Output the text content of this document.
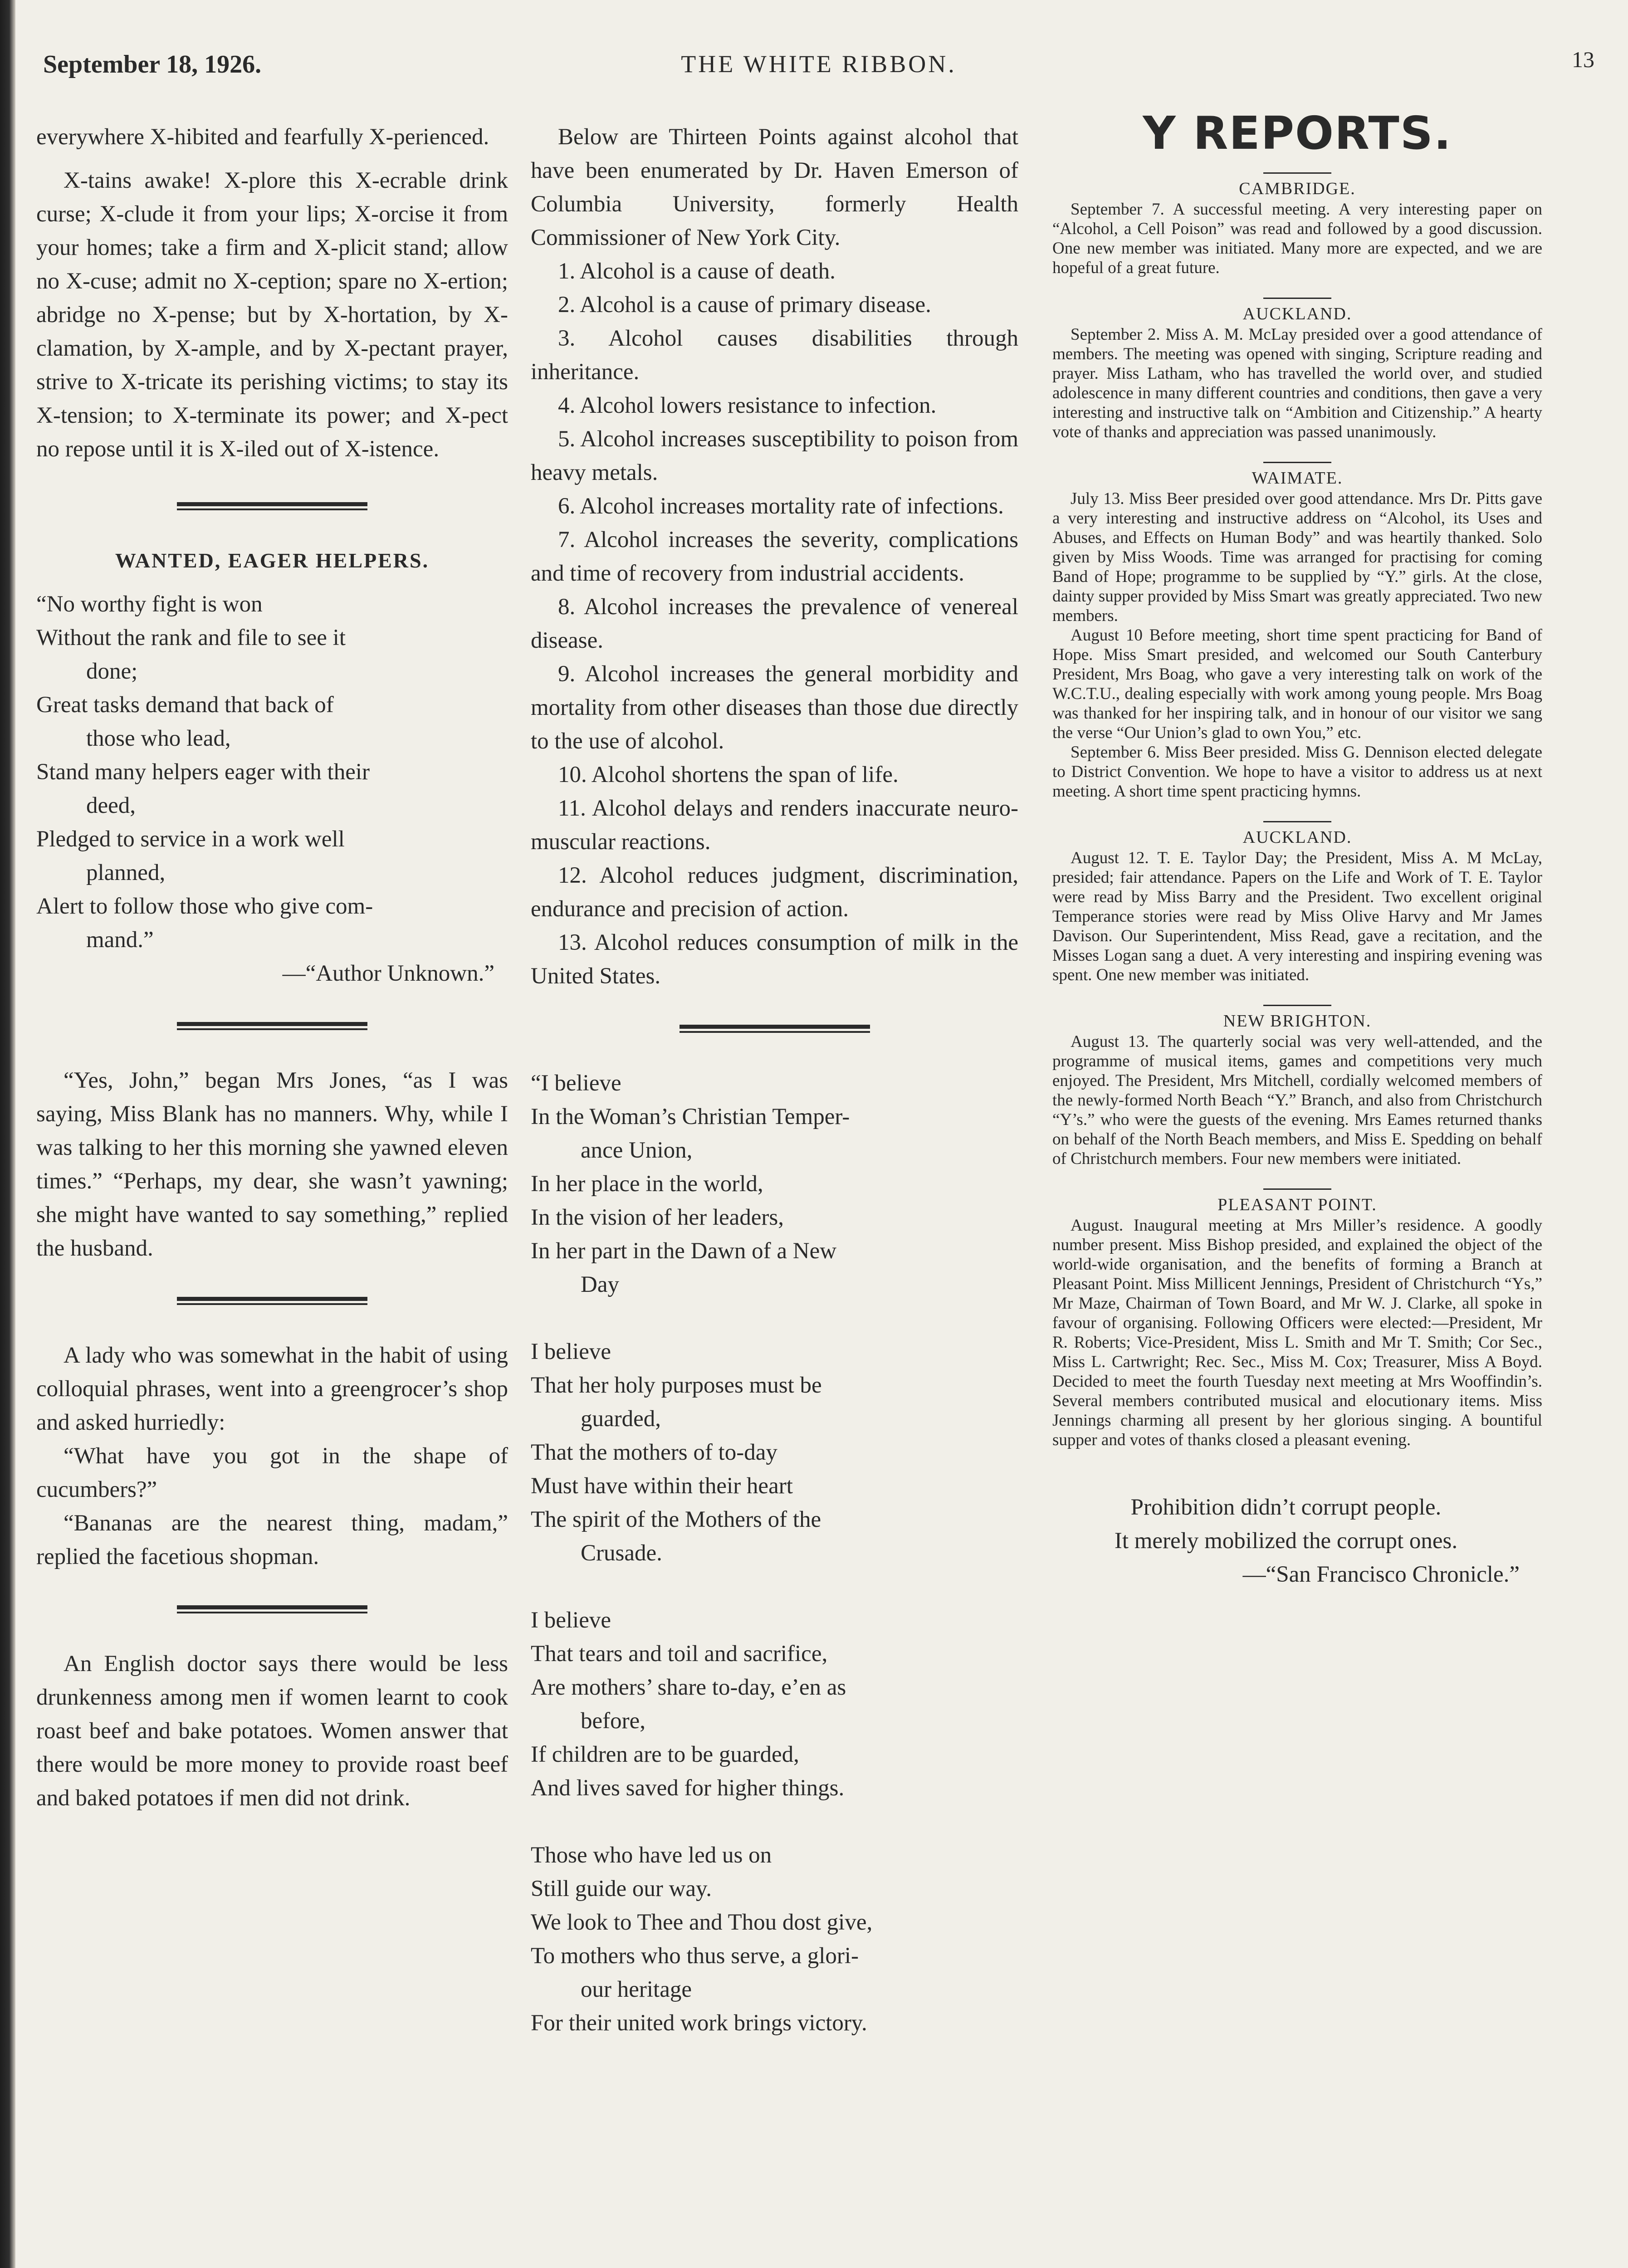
September 18, 1926.	THE WHITE RIBBON.	13

everywhere X-hibited and fearfully X-perienced.

X-tains awake! X-plore this X-ecrable drink curse; X-clude it from your lips; X-orcise it from your homes; take a firm and X-plicit stand; allow no X-cuse; admit no X-ception; spare no X-ertion; abridge no X-pense; but by X-hortation, by X-clamation, by X-ample, and by X-pectant prayer, strive to X-tricate its perishing victims; to stay its X-tension; to X-terminate its power; and X-pect no repose until it is X-iled out of X-istence.

WANTED, EAGER HELPERS.
“No worthy fight is won
Without the rank and file to see it
done;
Great tasks demand that back of
those who lead,
Stand many helpers eager with their
deed,
Pledged to service in a work well
planned,
Alert to follow those who give com-
mand.”
—“Author Unknown.”

“Yes, John,” began Mrs Jones, “as I was saying, Miss Blank has no manners. Why, while I was talking to her this morning she yawned eleven times.” “Perhaps, my dear, she wasn’t yawning; she might have wanted to say something,” replied the husband.

A lady who was somewhat in the habit of using colloquial phrases, went into a greengrocer’s shop and asked hurriedly:

“What have you got in the shape of cucumbers?”

“Bananas are the nearest thing, madam,” replied the facetious shopman.

An English doctor says there would be less drunkenness among men if women learnt to cook roast beef and bake potatoes. Women answer that there would be more money to provide roast beef and baked potatoes if men did not drink.

Below are Thirteen Points against alcohol that have been enumerated by Dr. Haven Emerson of Columbia University, formerly Health Commissioner of New York City.

1. Alcohol is a cause of death.
2. Alcohol is a cause of primary disease.
3. Alcohol causes disabilities through inheritance.
4. Alcohol lowers resistance to infection.
5. Alcohol increases susceptibility to poison from heavy metals.
6. Alcohol increases mortality rate of infections.
7. Alcohol increases the severity, complications and time of recovery from industrial accidents.
8. Alcohol increases the prevalence of venereal disease.
9. Alcohol increases the general morbidity and mortality from other diseases than those due directly to the use of alcohol.
10. Alcohol shortens the span of life.
11. Alcohol delays and renders inaccurate neuro-muscular reactions.
12. Alcohol reduces judgment, discrimination, endurance and precision of action.
13. Alcohol reduces consumption of milk in the United States.
“I believe
In the Woman’s Christian Temper-
ance Union,
In her place in the world,
In the vision of her leaders,
In her part in the Dawn of a New
Day
I believe
That her holy purposes must be
guarded,
That the mothers of to-day
Must have within their heart
The spirit of the Mothers of the
Crusade.
I believe
That tears and toil and sacrifice,
Are mothers’ share to-day, e’en as
before,
If children are to be guarded,
And lives saved for higher things.
Those who have led us on
Still guide our way.
We look to Thee and Thou dost give,
To mothers who thus serve, a glori-
our heritage
For their united work brings victory.
Y REPORTS.
CAMBRIDGE.

September 7. A successful meeting. A very interesting paper on “Alcohol, a Cell Poison” was read and followed by a good discussion. One new member was initiated. Many more are expected, and we are hopeful of a great future.

AUCKLAND.

September 2. Miss A. M. McLay presided over a good attendance of members. The meeting was opened with singing, Scripture reading and prayer. Miss Latham, who has travelled the world over, and studied adolescence in many different countries and conditions, then gave a very interesting and instructive talk on “Ambition and Citizenship.” A hearty vote of thanks and appreciation was passed unanimously.

WAIMATE.

July 13. Miss Beer presided over good attendance. Mrs Dr. Pitts gave a very interesting and instructive address on “Alcohol, its Uses and Abuses, and Effects on Human Body” and was heartily thanked. Solo given by Miss Woods. Time was arranged for practising for coming Band of Hope; programme to be supplied by “Y.” girls. At the close, dainty supper provided by Miss Smart was greatly appreciated. Two new members.

August 10 Before meeting, short time spent practicing for Band of Hope. Miss Smart presided, and welcomed our South Canterbury President, Mrs Boag, who gave a very interesting talk on work of the W.C.T.U., dealing especially with work among young people. Mrs Boag was thanked for her inspiring talk, and in honour of our visitor we sang the verse “Our Union’s glad to own You,” etc.

September 6. Miss Beer presided. Miss G. Dennison elected delegate to District Convention. We hope to have a visitor to address us at next meeting. A short time spent practicing hymns.

AUCKLAND.

August 12. T. E. Taylor Day; the President, Miss A. M McLay, presided; fair attendance. Papers on the Life and Work of T. E. Taylor were read by Miss Barry and the President. Two excellent original Temperance stories were read by Miss Olive Harvy and Mr James Davison. Our Superintendent, Miss Read, gave a recitation, and the Misses Logan sang a duet. A very interesting and inspiring evening was spent. One new member was initiated.

NEW BRIGHTON.

August 13. The quarterly social was very well-attended, and the programme of musical items, games and competitions very much enjoyed. The President, Mrs Mitchell, cordially welcomed members of the newly-formed North Beach “Y.” Branch, and also from Christchurch “Y’s.” who were the guests of the evening. Mrs Eames returned thanks on behalf of the North Beach members, and Miss E. Spedding on behalf of Christchurch members. Four new members were initiated.

PLEASANT POINT.

August. Inaugural meeting at Mrs Miller’s residence. A goodly number present. Miss Bishop presided, and explained the object of the world-wide organisation, and the benefits of forming a Branch at Pleasant Point. Miss Millicent Jennings, President of Christchurch “Ys,” Mr Maze, Chairman of Town Board, and Mr W. J. Clarke, all spoke in favour of organising. Following Officers were elected:—President, Mr R. Roberts; Vice-President, Miss L. Smith and Mr T. Smith; Cor Sec., Miss L. Cartwright; Rec. Sec., Miss M. Cox; Treasurer, Miss A Boyd. Decided to meet the fourth Tuesday next meeting at Mrs Wooffindin’s. Several members contributed musical and elocutionary items. Miss Jennings charming all present by her glorious singing. A bountiful supper and votes of thanks closed a pleasant evening.

Prohibition didn’t corrupt people.
It merely mobilized the corrupt ones.
—“San Francisco Chronicle.”
